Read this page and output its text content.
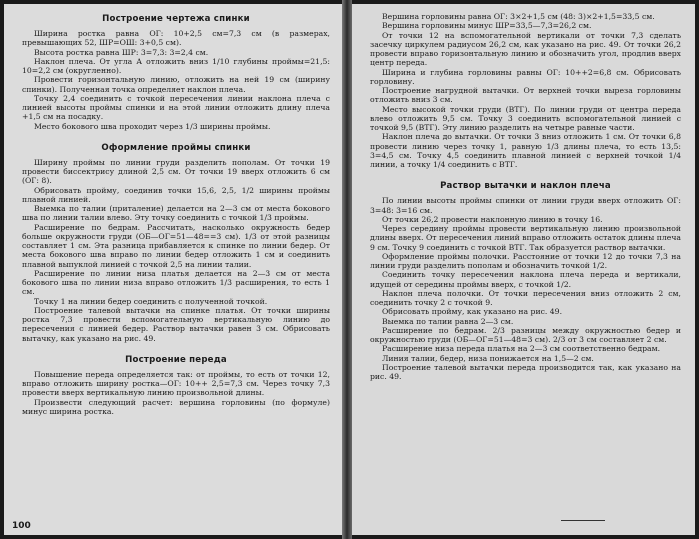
Построение чертежа спинки

Ширина ростка равна ОГ: 10+2,5 см=7,3 см (в размерах, превышающих 52, ШР=ОШ: 3+0,5 см).

Высота ростка равна ШР: 3=7,3: 3=2,4 см.

Наклон плеча. От угла А отложить вниз 1/10 глубины проймы=21,5: 10=2,2 см (округленно).

Провести горизонтальную линию, отложить на ней 19 см (ширину спинки). Полученная точка определяет наклон плеча.

Точку 2,4 соединить с точкой пересечения линии наклона плеча с линией высоты проймы спинки и на этой линии отложить длину плеча +1,5 см на посадку.

Место бокового шва проходит через 1/3 ширины проймы.

Оформление проймы спинки

Ширину проймы по линии груди разделить пополам. От точки 19 провести биссектрису длиной 2,5 см. От точки 19 вверх отложить 6 см (ОГ: 8).

Обрисовать пройму, соединив точки 15,6, 2,5, 1/2 ширины проймы плавной линией.

Выемка по талии (приталение) делается на 2—3 см от места бокового шва по линии талии влево. Эту точку соединить с точкой 1/3 проймы.

Расширение по бедрам. Рассчитать, насколько окружность бедер больше окружности груди (ОБ—ОГ=51—48==3 см). 1/3 от этой разницы составляет 1 см. Эта разница прибавляется к спинке по линии бедер. От места бокового шва вправо по линии бедер отложить 1 см и соединить плавной выпуклой линией с точкой 2,5 на линии талии.

Расширение по линии низа платья делается на 2—3 см от места бокового шва по линии низа вправо отложить 1/3 расширения, то есть 1 см.

Точку 1 на линии бедер соединить с полученной точкой.

Построение талевой вытачки на спинке платья. От точки ширины ростка 7,3 провести вспомогательную вертикальную линию до пересечения с линией бедер. Раствор вытачки равен 3 см. Обрисовать вытачку, как указано на рис. 49.

Построение переда

Повышение переда определяется так: от проймы, то есть от точки 12, вправо отложить ширину ростка—ОГ: 10++ 2,5=7,3 см. Через точку 7,3 провести вверх вертикальную линию произвольной длины.

Произвести следующий расчет: вершина горловины (по формуле) минус ширина ростка.

100

Вершина горловины равна ОГ: 3×2+1,5 см (48: 3)×2+1,5=33,5 см.

Вершина горловины минус ШР=33,5—7,3=26,2 см.

От точки 12 на вспомогательной вертикали от точки 7,3 сделать засечку циркулем радиусом 26,2 см, как указано на рис. 49. От точки 26,2 провести вправо горизонтальную линию и обозначить угол, продлив вверх центр переда.

Ширина и глубина горловины равны ОГ: 10++2=6,8 см. Обрисовать горловину.

Построение нагрудной вытачки. От верхней точки выреза горловины отложить вниз 3 см.

Место высокой точки груди (ВТГ). По линии груди от центра переда влево отложить 9,5 см. Точку 3 соединить вспомогательной линией с точкой 9,5 (ВТГ). Эту линию разделить на четыре равные части.

Наклон плеча до вытачки. От точки 3 вниз отложить 1 см. От точки 6,8 провести линию через точку 1, равную 1/3 длины плеча, то есть 13,5: 3=4,5 см. Точку 4,5 соединить плавной линией с верхней точкой 1/4 линии, а точку 1/4 соединить с ВТГ.

Раствор вытачки и наклон плеча

По линии высоты проймы спинки от линии груди вверх отложить ОГ: 3=48: 3=16 см.

От точки 26,2 провести наклонную линию в точку 16.

Через середину проймы провести вертикальную линию произвольной длины вверх. От пересечения линий вправо отложить остаток длины плеча 9 см. Точку 9 соединить с точкой ВТГ. Так образуется раствор вытачки.

Оформление проймы полочки. Расстояние от точки 12 до точки 7,3 на линии груди разделить пополам и обозначить точкой 1/2.

Соединить точку пересечения наклона плеча переда и вертикали, идущей от середины проймы вверх, с точкой 1/2.

Наклон плеча полочки. От точки пересечения вниз отложить 2 см, соединить точку 2 с точкой 9.

Обрисовать пройму, как указано на рис. 49.

Выемка по талии равна 2—3 см.

Расширение по бедрам. 2/3 разницы между окружностью бедер и окружностью груди (ОБ—ОГ=51—48=3 см). 2/3 от 3 см составляет 2 см.

Расширение низа переда платья на 2—3 см соответственно бедрам.

Линия талии, бедер, низа понижается на 1,5—2 см.

Построение талевой вытачки переда производится так, как указано на рис. 49.
